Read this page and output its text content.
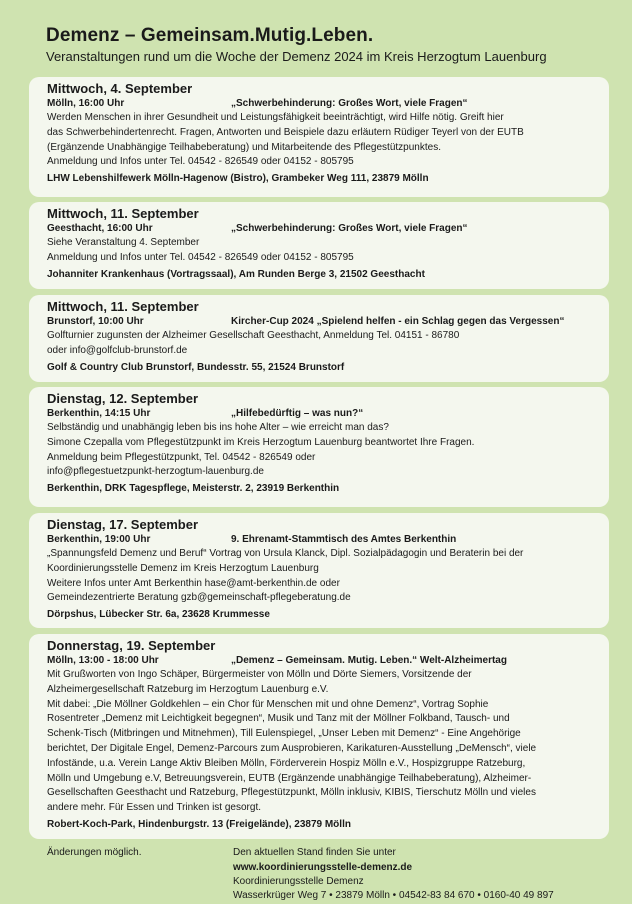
Demenz – Gemeinsam.Mutig.Leben.
Veranstaltungen rund um die Woche der Demenz 2024 im Kreis Herzogtum Lauenburg
Mittwoch, 4. September
Mölln, 16:00 Uhr	„Schwerbehinderung: Großes Wort, viele Fragen“
Werden Menschen in ihrer Gesundheit und Leistungsfähigkeit beeinträchtigt, wird Hilfe nötig. Greift hier
das Schwerbehindertenrecht. Fragen, Antworten und Beispiele dazu erläutern Rüdiger Teyerl von der EUTB
(Ergänzende Unabhängige Teilhabeberatung) und Mitarbeitende des Pflegestützpunktes.
Anmeldung und Infos unter Tel. 04542 - 826549 oder 04152 - 805795
LHW Lebenshilfewerk Mölln-Hagenow (Bistro), Grambeker Weg 111, 23879 Mölln
Mittwoch, 11. September
Geesthacht, 16:00 Uhr	„Schwerbehinderung: Großes Wort, viele Fragen“
Siehe Veranstaltung 4. September
Anmeldung und Infos unter Tel. 04542 - 826549 oder 04152 - 805795
Johanniter Krankenhaus (Vortragssaal), Am Runden Berge 3, 21502 Geesthacht
Mittwoch, 11. September
Brunstorf, 10:00 Uhr	Kircher-Cup 2024 „Spielend helfen - ein Schlag gegen das Vergessen“
Golfturnier zugunsten der Alzheimer Gesellschaft Geesthacht, Anmeldung Tel. 04151 - 86780
oder info@golfclub-brunstorf.de
Golf & Country Club Brunstorf, Bundesstr. 55, 21524 Brunstorf
Dienstag, 12. September
Berkenthin, 14:15 Uhr	„Hilfebedürftig – was nun?“
Selbständig und unabhängig leben bis ins hohe Alter – wie erreicht man das?
Simone Czepalla vom Pflegestützpunkt im Kreis Herzogtum Lauenburg beantwortet Ihre Fragen.
Anmeldung beim Pflegestützpunkt, Tel. 04542 - 826549 oder
info@pflegestuetzpunkt-herzogtum-lauenburg.de
Berkenthin, DRK Tagespflege, Meisterstr. 2, 23919 Berkenthin
Dienstag, 17. September
Berkenthin, 19:00 Uhr	9. Ehrenamt-Stammtisch des Amtes Berkenthin
„Spannungsfeld Demenz und Beruf“ Vortrag von Ursula Klanck, Dipl. Sozialpädagogin und Beraterin bei der
Koordinierungsstelle Demenz im Kreis Herzogtum Lauenburg
Weitere Infos unter Amt Berkenthin hase@amt-berkenthin.de oder
Gemeindezentrierte Beratung gzb@gemeinschaft-pflegeberatung.de
Dörpshus, Lübecker Str. 6a, 23628 Krummesse
Donnerstag, 19. September
Mölln, 13:00 - 18:00 Uhr	„Demenz – Gemeinsam. Mutig. Leben.“ Welt-Alzheimertag
Mit Grußworten von Ingo Schäper, Bürgermeister von Mölln und Dörte Siemers, Vorsitzende der
Alzheimergesellschaft Ratzeburg im Herzogtum Lauenburg e.V.
Mit dabei: „Die Möllner Goldkehlen – ein Chor für Menschen mit und ohne Demenz“, Vortrag Sophie
Rosentreter „Demenz mit Leichtigkeit begegnen“, Musik und Tanz mit der Möllner Folkband, Tausch- und
Schenk-Tisch (Mitbringen und Mitnehmen), Till Eulenspiegel, „Unser Leben mit Demenz“ - Eine Angehörige
berichtet, Der Digitale Engel, Demenz-Parcours zum Ausprobieren, Karikaturen-Ausstellung „DeMensch“, viele
Infostände, u.a. Verein Lange Aktiv Bleiben Mölln, Förderverein Hospiz Mölln e.V., Hospizgruppe Ratzeburg,
Mölln und Umgebung e.V, Betreuungsverein, EUTB (Ergänzende unabhängige Teilhabeberatung), Alzheimer-
Gesellschaften Geesthacht und Ratzeburg, Pflegestützpunkt, Mölln inklusiv, KIBIS, Tierschutz Mölln und vieles
andere mehr. Für Essen und Trinken ist gesorgt.
Robert-Koch-Park, Hindenburgstr. 13 (Freigelände), 23879 Mölln
Änderungen möglich.	Den aktuellen Stand finden Sie unter
www.koordinierungsstelle-demenz.de
Koordinierungsstelle Demenz
Wasserkrüger Weg 7 • 23879 Mölln • 04542-83 84 670 • 0160-40 49 897
